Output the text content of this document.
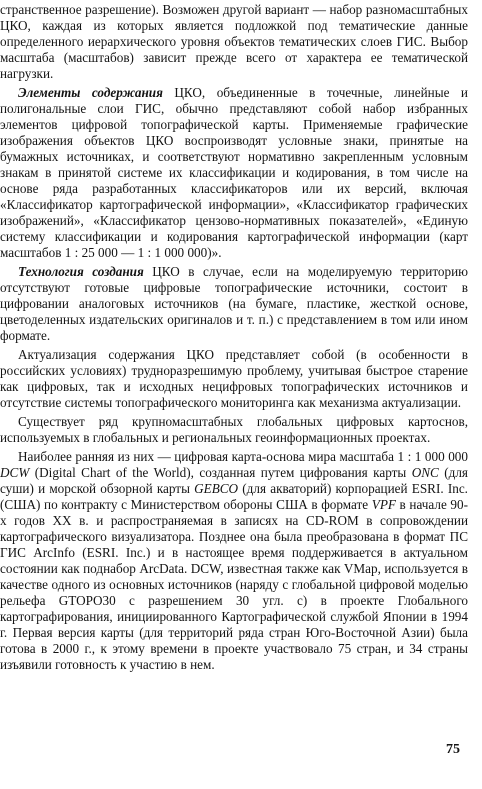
странственное разрешение). Возможен другой вариант — набор разномасштабных ЦКО, каждая из которых является подложкой под тематические данные определенного иерархического уровня объектов тематических слоев ГИС. Выбор масштаба (масштабов) зависит прежде всего от характера ее тематической нагрузки.

Элементы содержания ЦКО, объединенные в точечные, линейные и полигональные слои ГИС, обычно представляют собой набор избранных элементов цифровой топографической карты. Применяемые графические изображения объектов ЦКО воспроизводят условные знаки, принятые на бумажных источниках, и соответствуют нормативно закрепленным условным знакам в принятой системе их классификации и кодирования, в том числе на основе ряда разработанных классификаторов или их версий, включая «Классификатор картографической информации», «Классификатор графических изображений», «Классификатор цензово-нормативных показателей», «Единую систему классификации и кодирования картографической информации (карт масштабов 1 : 25 000 — 1 : 1 000 000)».

Технология создания ЦКО в случае, если на моделируемую территорию отсутствуют готовые цифровые топографические источники, состоит в цифровании аналоговых источников (на бумаге, пластике, жесткой основе, цветоделенных издательских оригиналов и т. п.) с представлением в том или ином формате.

Актуализация содержания ЦКО представляет собой (в особенности в российских условиях) трудноразрешимую проблему, учитывая быстрое старение как цифровых, так и исходных нецифровых топографических источников и отсутствие системы топографического мониторинга как механизма актуализации.

Существует ряд крупномасштабных глобальных цифровых картоснов, используемых в глобальных и региональных геоинформационных проектах.

Наиболее ранняя из них — цифровая карта-основа мира масштаба 1 : 1 000 000 DCW (Digital Chart of the World), созданная путем цифрования карты ONC (для суши) и морской обзорной карты GEBCO (для акваторий) корпорацией ESRI. Inc. (США) по контракту с Министерством обороны США в формате VPF в начале 90-х годов XX в. и распространяемая в записях на CD-ROM в сопровождении картографического визуализатора. Позднее она была преобразована в формат ПС ГИС ArcInfo (ESRI. Inc.) и в настоящее время поддерживается в актуальном состоянии как поднабор ArcData. DCW, известная также как VMap, используется в качестве одного из основных источников (наряду с глобальной цифровой моделью рельефа GTOPO30 с разрешением 30 угл. с) в проекте Глобального картографирования, инициированного Картографической службой Японии в 1994 г. Первая версия карты (для территорий ряда стран Юго-Восточной Азии) была готова в 2000 г., к этому времени в проекте участвовало 75 стран, и 34 страны изъявили готовность к участию в нем.

75
